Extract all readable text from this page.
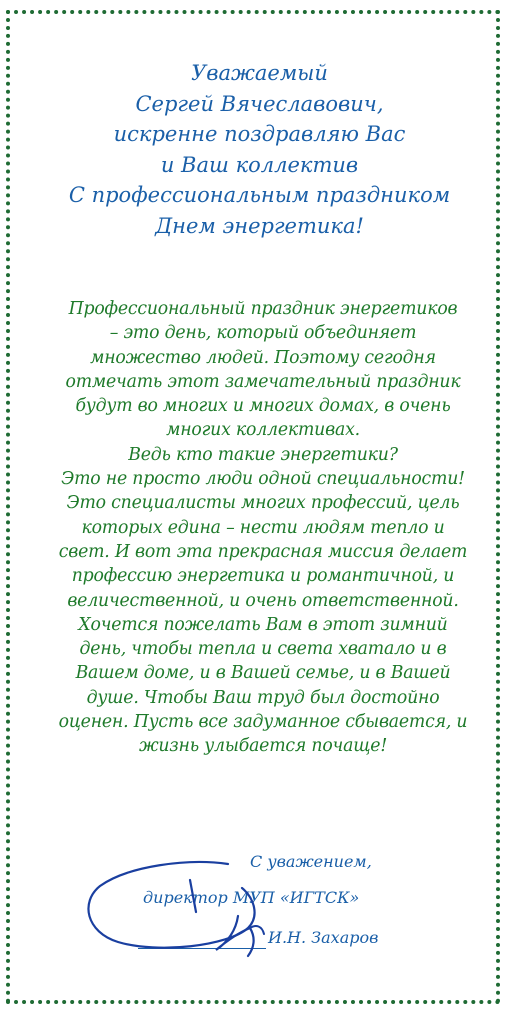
Уважаемый
Сергей Вячеславович,
искренне поздравляю Вас
и Ваш коллектив
С профессиональным праздником
Днем энергетика!
Профессиональный праздник энергетиков
– это день, который объединяет
множество людей. Поэтому сегодня
отмечать этот замечательный праздник
будут во многих и многих домах, в очень
многих коллективах.
Ведь кто такие энергетики?
Это не просто люди одной специальности!
Это специалисты многих профессий, цель
которых едина – нести людям тепло и
свет. И вот эта прекрасная миссия делает
профессию энергетика и романтичной, и
величественной, и очень ответственной.
Хочется пожелать Вам в этот зимний
день, чтобы тепла и света хватало и в
Вашем доме, и в Вашей семье, и в Вашей
душе. Чтобы Ваш труд был достойно
оценен. Пусть все задуманное сбывается, и
жизнь улыбается почаще!
С уважением,
директор МУП «ИГТСК»
И.Н. Захаров
